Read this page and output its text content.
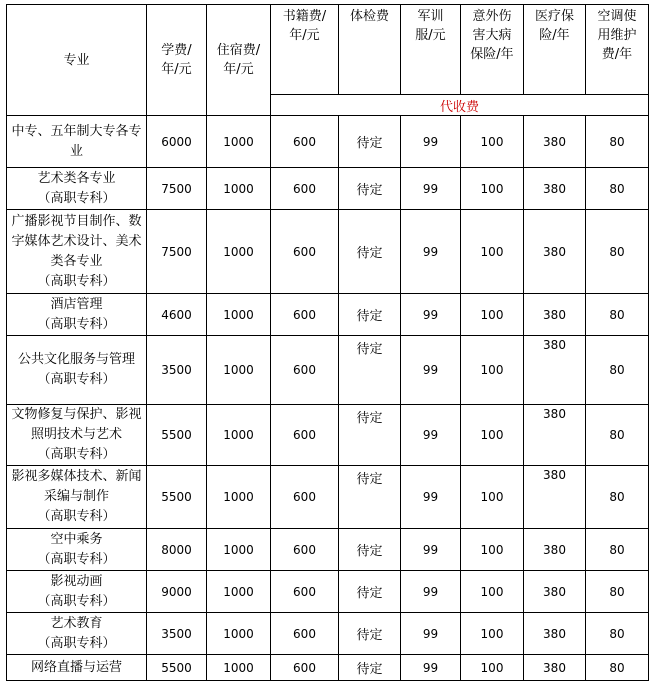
专业	学费/年/元	住宿费/年/元	书籍费/年/元	体检费	军训服/元	意外伤害大病保险/年	医疗保险/年	空调使用维护费/年
			代收费					

中专、五年制大专各专业	6000	1000	600	待定	99	100	380	80

艺术类各专业
（高职专科）	7500	1000	600	待定	99	100	380	80

广播影视节目制作、数字媒体艺术设计、美术类各专业
（高职专科）	7500	1000	600	待定	99	100	380	80

酒店管理
（高职专科）	4600	1000	600	待定	99	100	380	80

公共文化服务与管理
（高职专科）	3500	1000	600	待定	99	100	380	80

文物修复与保护、影视照明技术与艺术
（高职专科）	5500	1000	600	待定	99	100	380	80

影视多媒体技术、新闻采编与制作
（高职专科）	5500	1000	600	待定	99	100	380	80

空中乘务
（高职专科）	8000	1000	600	待定	99	100	380	80

影视动画
（高职专科）	9000	1000	600	待定	99	100	380	80

艺术教育
（高职专科）	3500	1000	600	待定	99	100	380	80

网络直播与运营	5500	1000	600	待定	99	100	380	80
